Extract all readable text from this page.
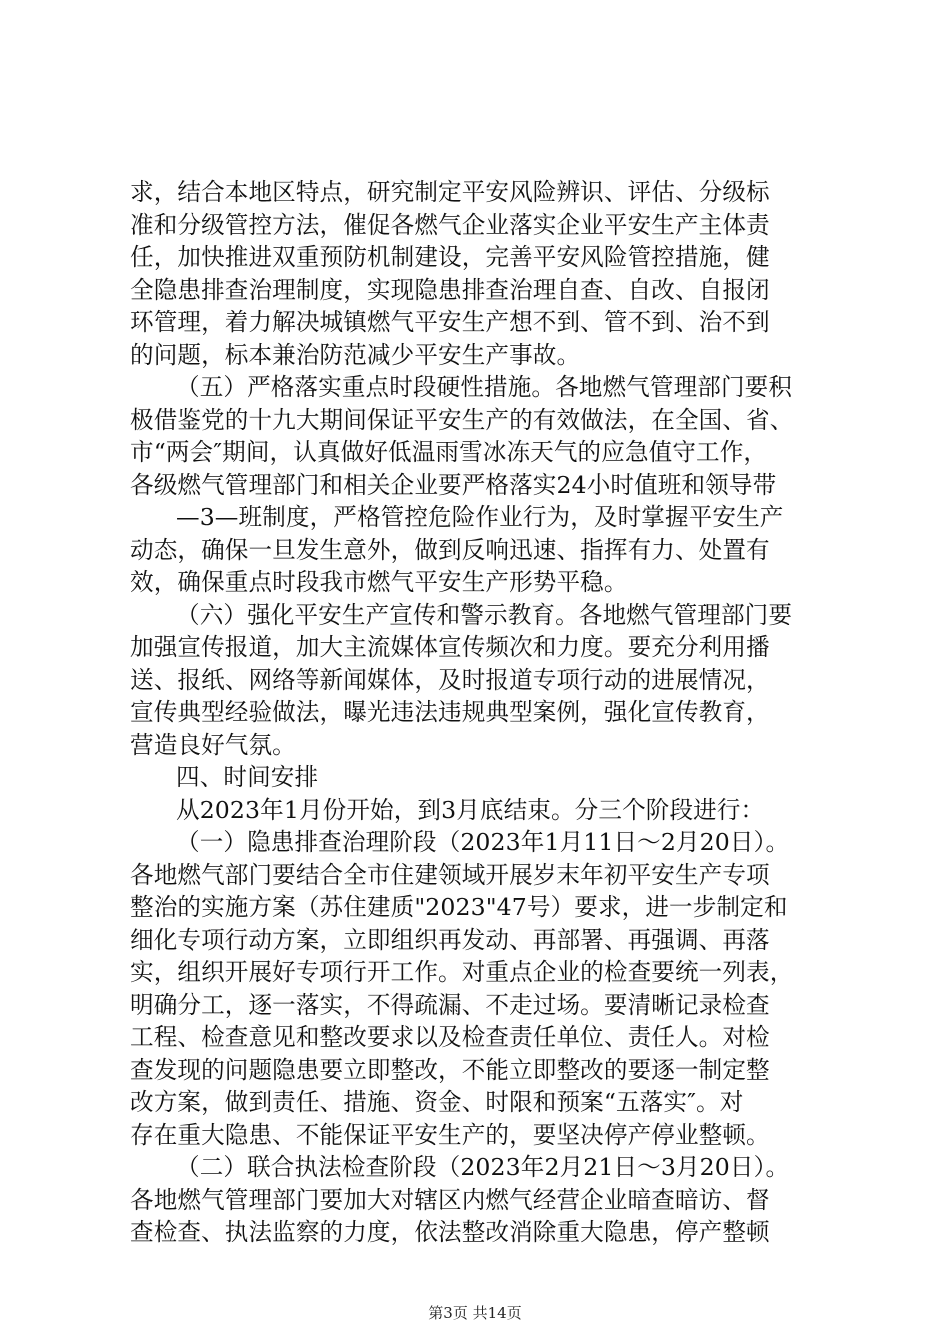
求，结合本地区特点，研究制定平安风险辨识、评估、分级标
准和分级管控方法，催促各燃气企业落实企业平安生产主体责
任，加快推进双重预防机制建设，完善平安风险管控措施，健
全隐患排查治理制度，实现隐患排查治理自查、自改、自报闭
环管理，着力解决城镇燃气平安生产想不到、管不到、治不到
的问题，标本兼治防范减少平安生产事故。
（五）严格落实重点时段硬性措施。各地燃气管理部门要积
极借鉴党的十九大期间保证平安生产的有效做法，在全国、省、
市“两会″期间，认真做好低温雨雪冰冻天气的应急值守工作，
各级燃气管理部门和相关企业要严格落实24小时值班和领导带
—3—班制度，严格管控危险作业行为，及时掌握平安生产
动态，确保一旦发生意外，做到反响迅速、指挥有力、处置有
效，确保重点时段我市燃气平安生产形势平稳。
（六）强化平安生产宣传和警示教育。各地燃气管理部门要
加强宣传报道，加大主流媒体宣传频次和力度。要充分利用播
送、报纸、网络等新闻媒体，及时报道专项行动的进展情况，
宣传典型经验做法，曝光违法违规典型案例，强化宣传教育，
营造良好气氛。
四、时间安排
从2023年1月份开始，到3月底结束。分三个阶段进行：
（一）隐患排查治理阶段（2023年1月11日～2月20日）。
各地燃气部门要结合全市住建领域开展岁末年初平安生产专项
整治的实施方案（苏住建质"2023"47号）要求，进一步制定和
细化专项行动方案，立即组织再发动、再部署、再强调、再落
实，组织开展好专项行开工作。对重点企业的检查要统一列表，
明确分工，逐一落实，不得疏漏、不走过场。要清晰记录检查
工程、检查意见和整改要求以及检查责任单位、责任人。对检
查发现的问题隐患要立即整改，不能立即整改的要逐一制定整
改方案，做到责任、措施、资金、时限和预案“五落实″。对
存在重大隐患、不能保证平安生产的，要坚决停产停业整顿。
（二）联合执法检查阶段（2023年2月21日～3月20日）。
各地燃气管理部门要加大对辖区内燃气经营企业暗查暗访、督
查检查、执法监察的力度，依法整改消除重大隐患，停产整顿
第3页 共14页
